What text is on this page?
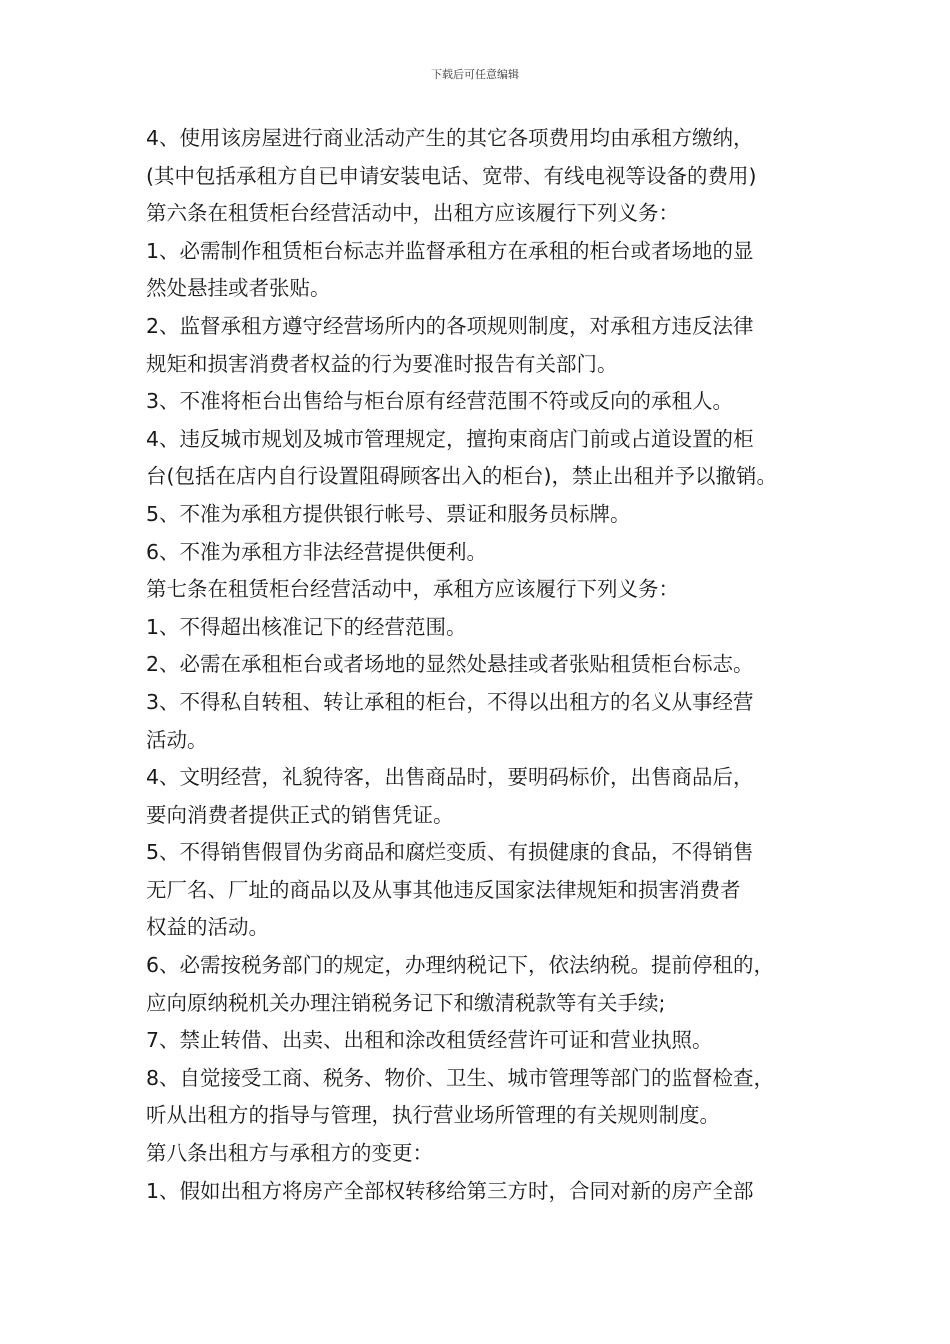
下载后可任意编辑
4、使用该房屋进行商业活动产生的其它各项费用均由承租方缴纳，
(其中包括承租方自已申请安装电话、宽带、有线电视等设备的费用)
第六条在租赁柜台经营活动中，出租方应该履行下列义务：
1、必需制作租赁柜台标志并监督承租方在承租的柜台或者场地的显
然处悬挂或者张贴。
2、监督承租方遵守经营场所内的各项规则制度，对承租方违反法律
规矩和损害消费者权益的行为要准时报告有关部门。
3、不准将柜台出售给与柜台原有经营范围不符或反向的承租人。
4、违反城市规划及城市管理规定，擅拘束商店门前或占道设置的柜
台(包括在店内自行设置阻碍顾客出入的柜台)，禁止出租并予以撤销。
5、不准为承租方提供银行帐号、票证和服务员标牌。
6、不准为承租方非法经营提供便利。
第七条在租赁柜台经营活动中，承租方应该履行下列义务：
1、不得超出核准记下的经营范围。
2、必需在承租柜台或者场地的显然处悬挂或者张贴租赁柜台标志。
3、不得私自转租、转让承租的柜台，不得以出租方的名义从事经营
活动。
4、文明经营，礼貌待客，出售商品时，要明码标价，出售商品后，
要向消费者提供正式的销售凭证。
5、不得销售假冒伪劣商品和腐烂变质、有损健康的食品，不得销售
无厂名、厂址的商品以及从事其他违反国家法律规矩和损害消费者
权益的活动。
6、必需按税务部门的规定，办理纳税记下，依法纳税。提前停租的，
应向原纳税机关办理注销税务记下和缴清税款等有关手续;
7、禁止转借、出卖、出租和涂改租赁经营许可证和营业执照。
8、自觉接受工商、税务、物价、卫生、城市管理等部门的监督检查，
听从出租方的指导与管理，执行营业场所管理的有关规则制度。
第八条出租方与承租方的变更：
1、假如出租方将房产全部权转移给第三方时，合同对新的房产全部
